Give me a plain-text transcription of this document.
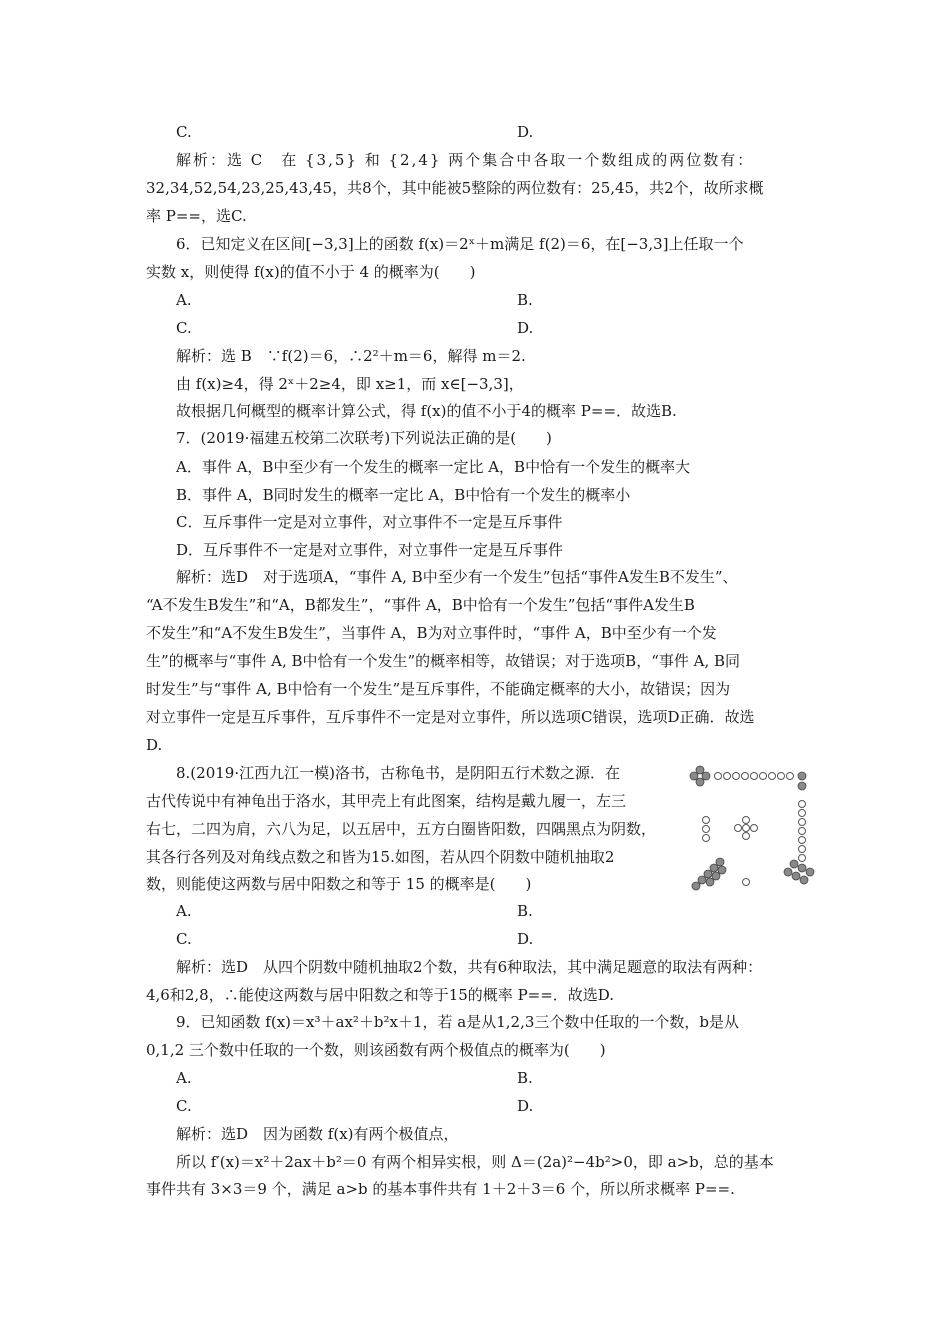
C.	D.
解析：选 C　在 {3,5} 和 {2,4} 两个集合中各取一个数组成的两位数有：
32,34,52,54,23,25,43,45，共8个，其中能被5整除的两位数有：25,45，共2个，故所求概
率 P==，选C.
6．已知定义在区间[−3,3]上的函数 f(x)＝2ˣ＋m满足 f(2)＝6，在[−3,3]上任取一个
实数 x，则使得 f(x)的值不小于 4 的概率为(　　)
A.	B.
C.	D.
解析：选 B　∵f(2)＝6，∴2²＋m＝6，解得 m＝2.
由 f(x)≥4，得 2ˣ＋2≥4，即 x≥1，而 x∈[−3,3]，
故根据几何概型的概率计算公式，得 f(x)的值不小于4的概率 P==．故选B.
7．(2019·福建五校第二次联考)下列说法正确的是(　　)
A．事件 A，B中至少有一个发生的概率一定比 A，B中恰有一个发生的概率大
B．事件 A，B同时发生的概率一定比 A，B中恰有一个发生的概率小
C．互斥事件一定是对立事件，对立事件不一定是互斥事件
D．互斥事件不一定是对立事件，对立事件一定是互斥事件
解析：选D　对于选项A，“事件 A, B中至少有一个发生”包括“事件A发生B不发生”、
“A不发生B发生”和“A，B都发生”，“事件 A，B中恰有一个发生”包括“事件A发生B
不发生”和“A不发生B发生”，当事件 A，B为对立事件时，“事件 A，B中至少有一个发
生”的概率与“事件 A, B中恰有一个发生”的概率相等，故错误；对于选项B，“事件 A, B同
时发生”与“事件 A, B中恰有一个发生”是互斥事件，不能确定概率的大小，故错误；因为
对立事件一定是互斥事件，互斥事件不一定是对立事件，所以选项C错误，选项D正确．故选
D.
8.(2019·江西九江一模)洛书，古称龟书，是阴阳五行术数之源．在
古代传说中有神龟出于洛水，其甲壳上有此图案，结构是戴九履一，左三
右七，二四为肩，六八为足，以五居中，五方白圈皆阳数，四隅黑点为阴数，
其各行各列及对角线点数之和皆为15.如图，若从四个阴数中随机抽取2
数，则能使这两数与居中阳数之和等于 15 的概率是(　　)
A.	B.
C.	D.
解析：选D　从四个阴数中随机抽取2个数，共有6种取法，其中满足题意的取法有两种：
4,6和2,8，∴能使这两数与居中阳数之和等于15的概率 P==．故选D.
9．已知函数 f(x)＝x³＋ax²＋b²x＋1，若 a是从1,2,3三个数中任取的一个数，b是从
0,1,2 三个数中任取的一个数，则该函数有两个极值点的概率为(　　)
A.	B.
C.	D.
解析：选D　因为函数 f(x)有两个极值点，
所以 f′(x)＝x²＋2ax＋b²＝0 有两个相异实根，则 Δ＝(2a)²−4b²>0，即 a>b，总的基本
事件共有 3×3＝9 个，满足 a>b 的基本事件共有 1＋2＋3＝6 个，所以所求概率 P==.
